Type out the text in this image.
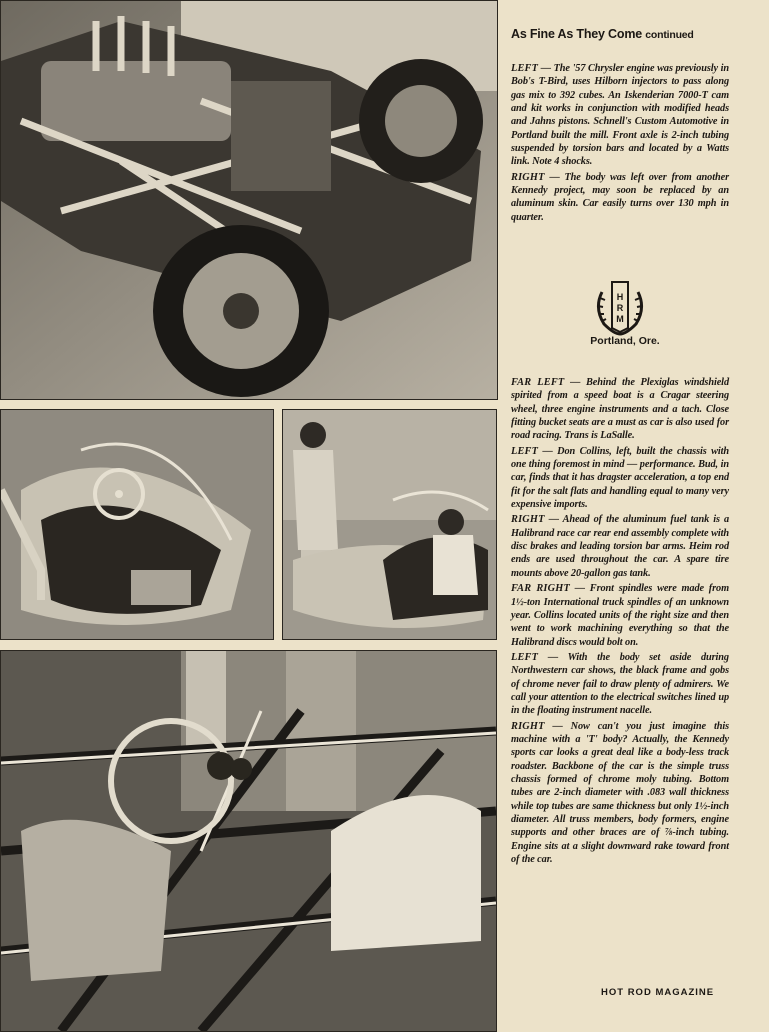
As Fine As They Come continued

LEFT — The '57 Chrysler engine was previously in Bob's T-Bird, uses Hilborn injectors to pass along gas mix to 392 cubes. An Iskenderian 7000-T cam and kit works in conjunction with modified heads and Jahns pistons. Schnell's Custom Automotive in Portland built the mill. Front axle is 2-inch tubing suspended by torsion bars and located by a Watts link. Note 4 shocks.

RIGHT — The body was left over from another Kennedy project, may soon be replaced by an aluminum skin. Car easily turns over 130 mph in quarter.

H
R
M
Portland, Ore.

FAR LEFT — Behind the Plexiglas windshield spirited from a speed boat is a Cragar steering wheel, three engine instruments and a tach. Close fitting bucket seats are a must as car is also used for road racing. Trans is LaSalle.

LEFT — Don Collins, left, built the chassis with one thing foremost in mind — performance. Bud, in car, finds that it has dragster acceleration, a top end fit for the salt flats and handling equal to many very expensive imports.

RIGHT — Ahead of the aluminum fuel tank is a Halibrand race car rear end assembly complete with disc brakes and leading torsion bar arms. Heim rod ends are used throughout the car. A spare tire mounts above 20-gallon gas tank.

FAR RIGHT — Front spindles were made from 1½-ton International truck spindles of an unknown year. Collins located units of the right size and then went to work machining everything so that the Halibrand discs would bolt on.

LEFT — With the body set aside during Northwestern car shows, the black frame and gobs of chrome never fail to draw plenty of admirers. We call your attention to the electrical switches lined up in the floating instrument nacelle.

RIGHT — Now can't you just imagine this machine with a 'T' body? Actually, the Kennedy sports car looks a great deal like a body-less track roadster. Backbone of the car is the simple truss chassis formed of chrome moly tubing. Bottom tubes are 2-inch diameter with .083 wall thickness while top tubes are same thickness but only 1½-inch diameter. All truss members, body formers, engine supports and other braces are of ⅞-inch tubing. Engine sits at a slight downward rake toward front of the car.

HOT ROD MAGAZINE
